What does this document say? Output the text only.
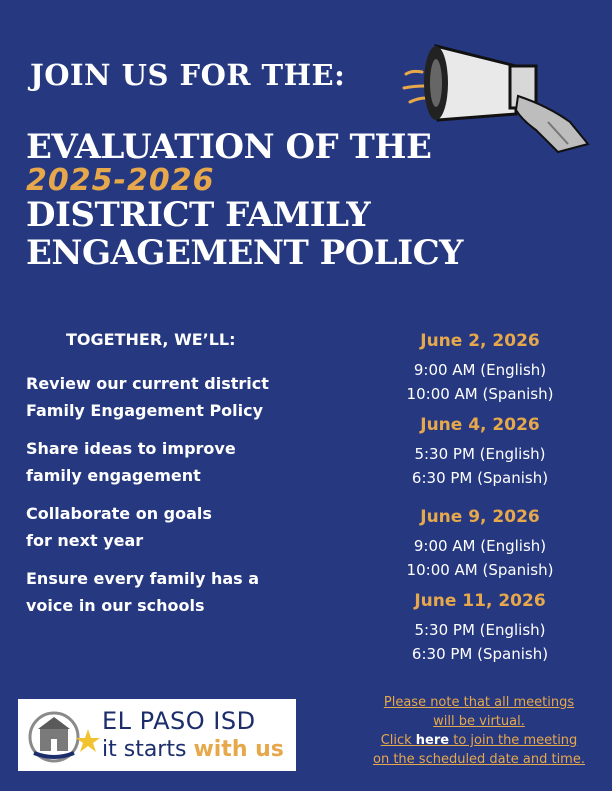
JOIN US FOR THE:
EVALUATION OF THE
2025-2026
DISTRICT FAMILY
ENGAGEMENT POLICY
TOGETHER, WE’LL:
Review our current district
Family Engagement Policy
Share ideas to improve
family engagement
Collaborate on goals
for next year
Ensure every family has a
voice in our schools
June 2, 2026
9:00 AM (English)
10:00 AM (Spanish)
June 4, 2026
5:30 PM (English)
6:30 PM (Spanish)
June 9, 2026
9:00 AM (English)
10:00 AM (Spanish)
June 11, 2026
5:30 PM (English)
6:30 PM (Spanish)
EL PASO ISD
it starts with us
Please note that all meetings
will be virtual.
Click here to join the meeting
on the scheduled date and time.
